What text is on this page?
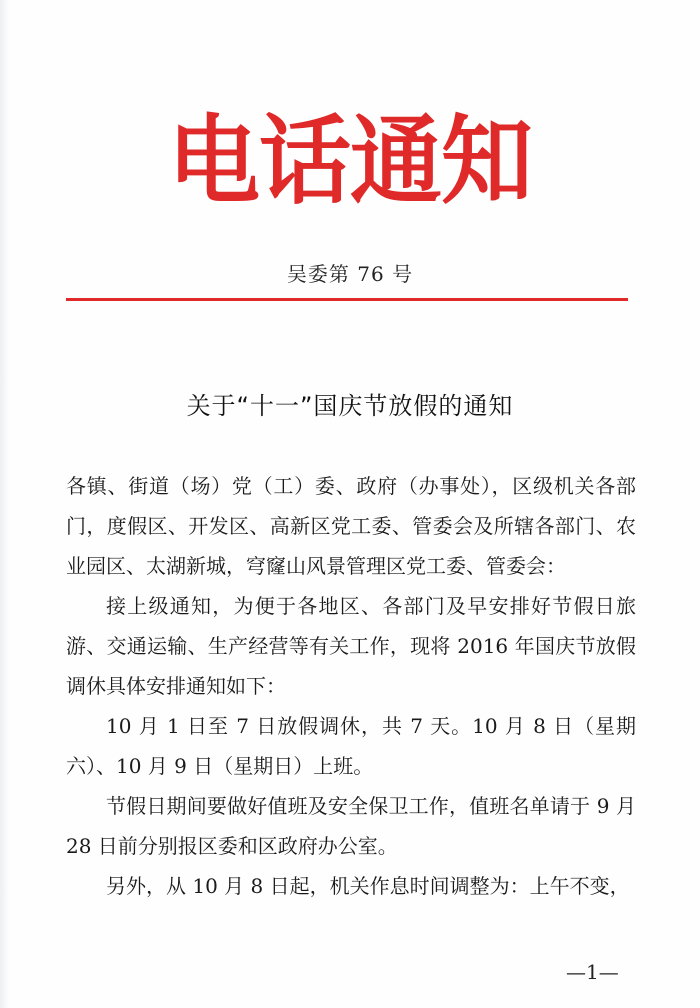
电
话
通
知
吴委第 76 号
关于“十一”国庆节放假的通知

各镇、街道（场）党（工）委、政府（办事处），区级机关各部门，度假区、开发区、高新区党工委、管委会及所辖各部门、农业园区、太湖新城，穹窿山风景管理区党工委、管委会：

接上级通知，为便于各地区、各部门及早安排好节假日旅游、交通运输、生产经营等有关工作，现将 2016 年国庆节放假调休具体安排通知如下：

10 月 1 日至 7 日放假调休，共 7 天。10 月 8 日（星期六）、10 月 9 日（星期日）上班。

节假日期间要做好值班及安全保卫工作，值班名单请于 9 月 28 日前分别报区委和区政府办公室。

另外，从 10 月 8 日起，机关作息时间调整为：上午不变，

—1—
